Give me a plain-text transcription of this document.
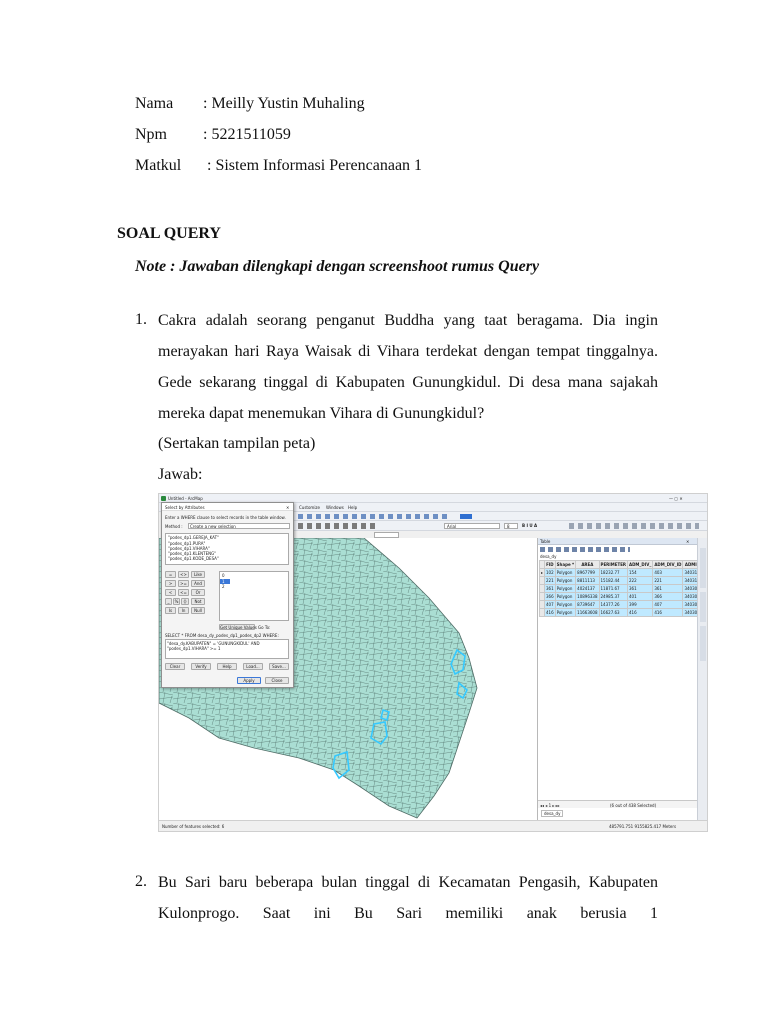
Nama : Meilly Yustin Muhaling
Npm : 5221511059
Matkul : Sistem Informasi Perencanaan 1
SOAL QUERY
Note : Jawaban dilengkapi dengan screenshoot rumus Query
1. Cakra adalah seorang penganut Buddha yang taat beragama. Dia ingin merayakan hari Raya Waisak di Vihara terdekat dengan tempat tinggalnya. Gede sekarang tinggal di Kabupaten Gunungkidul. Di desa mana sajakah mereka dapat menemukan Vihara di Gunungkidul?
(Sertakan tampilan peta)
Jawab:
Untitled - ArcMap	— ▢ ✕
Customize Windows Help
Arial	8	B I U A
Select by Attributes	✕
Enter a WHERE clause to select records in the table window.
Method :	Create a new selection
"podes_dp1.GEREJA_KAT"
"podes_dp1.PURA"
"podes_dp1.VIHARA"
"podes_dp1.KLENTENG"
"podes_dp1.KODE_DESA"
=	<>	Like
>	>=	And
<	<=	Or
_	%	()	Not
Is	In	Null
0
1
2
Get Unique Values Go To:
SELECT * FROM desa_dy_podes_dp1_podes_dp2 WHERE:
"desa_dy.KABUPATEN" = 'GUNUNGKIDUL' AND "podes_dp1.VIHARA" >= 1
Clear	Verify	Help	Load...	Save...
Apply	Close
Table	✕
desa_dy
	FID	Shape *	AREA	PERIMETER	ADM_DIV_	ADM_DIV_ID	ADMI
▸	102	Polygon	8967799	18232.77	154	403	34031
	221	Polygon	8811113	15182.44	222	221	34031
	361	Polygon	4024137	11871.67	361	361	34030
	366	Polygon	10896338	24985.37	401	366	34030
	407	Polygon	8739647	14377.26	399	407	34030
	416	Polygon	11663608	16627.63	416	416	34030
◂◂ ◂ 1 ▸ ▸▸	(6 out of 438 Selected)
desa_dy
Number of features selected: 6	485791.751 9155825.417 Meters
2. Bu Sari baru beberapa bulan tinggal di Kecamatan Pengasih, Kabupaten Kulonprogo. Saat ini Bu Sari memiliki anak berusia 1
